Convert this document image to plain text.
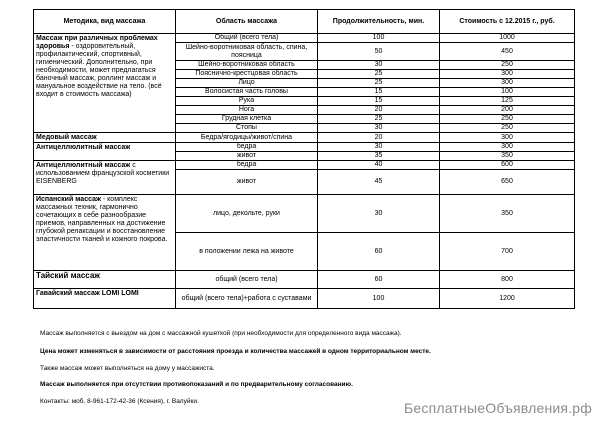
Методика, вид массажа	Область массажа	Продолжительность, мин.	Стоимость с 12.2015 г., руб.
Массаж при различных проблемах здоровья - оздоровительный, профилактический, спортивный, гигиенический. Дополнительно, при необходимости, может предлагаться баночный массаж, роллинг массаж и мануальное воздействие на тело. (всё входит в стоимость массажа)	Общий (всего тела)	100	1000
	Шейно-воротниковая область, спина, поясница	50	450
	Шейно-воротниковая область	30	250
	Пояснично-крестцовая область	25	300
	Лицо	25	300
	Волосистая часть головы	15	100
	Рука	15	125
	Нога	20	200
	Грудная клетка	25	250
	Стопы	30	250
Медовый массаж	Бедра/ягодицы/живот/спина	20	300
Антицеллюлитный массаж	бедра	30	300
	живот	35	350
Антицеллюлитный массаж с использованием французской косметики EISENBERG	бедра	40	600
	живот	45	650
Испанский массаж - комплекс массажных техник, гармонично сочетающих в себе разнообразие приемов, направленных на достижение глубокой релаксации и восстановление эластичности тканей и кожного покрова.	лицо, декольте, руки	30	350
	в положении лежа на животе	60	700
Тайский массаж	общий (всего тела)	60	800
Гавайский массаж LOMI LOMI	общий (всего тела)+работа с суставами	100	1200
Массаж выполняется с выездом на дом с массажной кушеткой (при необходимости для определенного вида массажа).
Цена может изменяться в зависимости от расстояния проезда и количества массажей в одном территориальном месте.
Также массаж может выполняться на дому у массажиста.
Массаж выполняется при отсутствии противопоказаний и по предварительному согласованию.
Контакты: моб. 8-961-172-42-36 (Ксения), г. Валуйки.	БесплатныеОбъявления.рф
